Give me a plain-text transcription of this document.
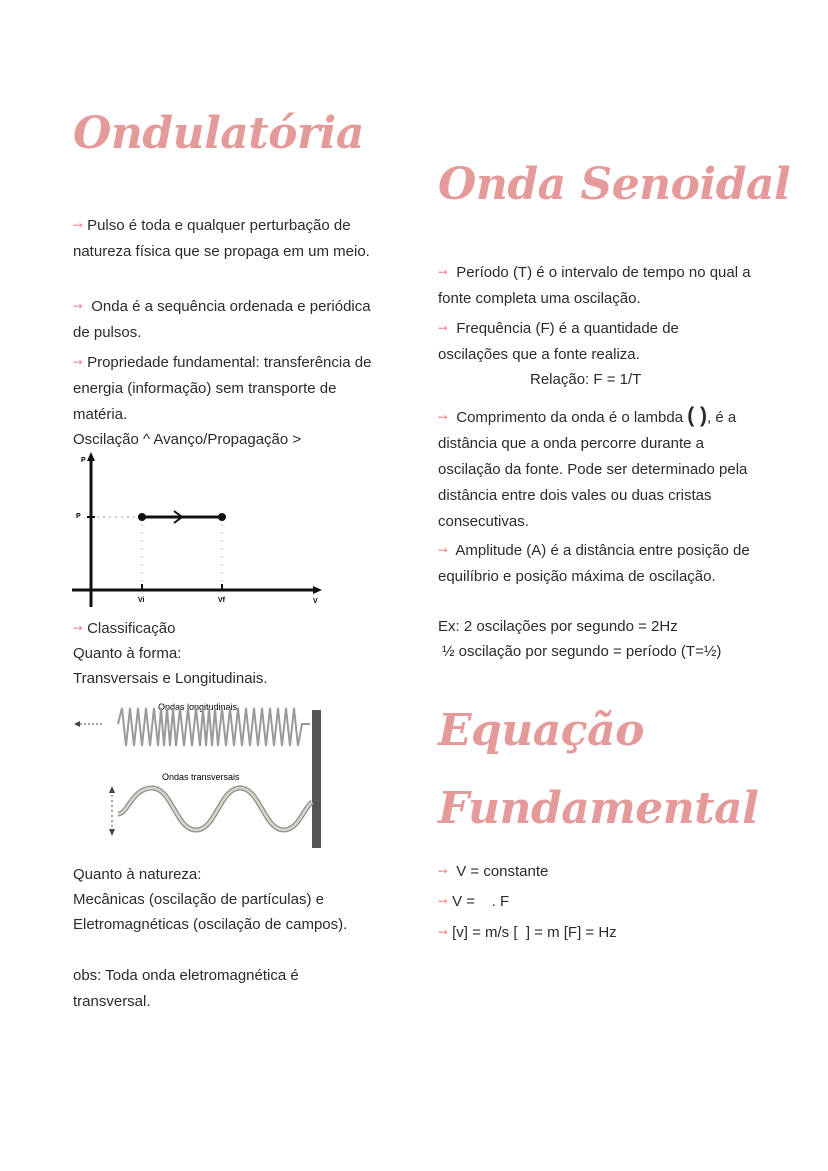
Ondulatória

➙ Pulso é toda e qualquer perturbação de natureza física que se propaga em um meio.

➙ Onda é a sequência ordenada e periódica de pulsos.

➙ Propriedade fundamental: transferência de energia (informação) sem transporte de matéria.

Oscilação ^ Avanço/Propagação >

P
P
Vi	Vf	V

➙ Classificação

Quanto à forma:

Transversais e Longitudinais.

Ondas longitudinais
Ondas transversais

Quanto à natureza:

Mecânicas (oscilação de partículas) e

Eletromagnéticas (oscilação de campos).

obs: Toda onda eletromagnética é

transversal.

Onda Senoidal

➙ Período (T) é o intervalo de tempo no qual a fonte completa uma oscilação.

➙ Frequência (F) é a quantidade de oscilações que a fonte realiza.

Relação: F = 1/T

➙ Comprimento da onda é o lambda ( ), é a distância que a onda percorre durante a oscilação da fonte. Pode ser determinado pela distância entre dois vales ou duas cristas consecutivas.

➙ Amplitude (A) é a distância entre posição de equilíbrio e posição máxima de oscilação.

Ex: 2 oscilações por segundo = 2Hz

½ oscilação por segundo = período (T=½)

Equação
Fundamental

➙ V = constante

➙ V =    . F

➙ [v] = m/s [  ] = m [F] = Hz
